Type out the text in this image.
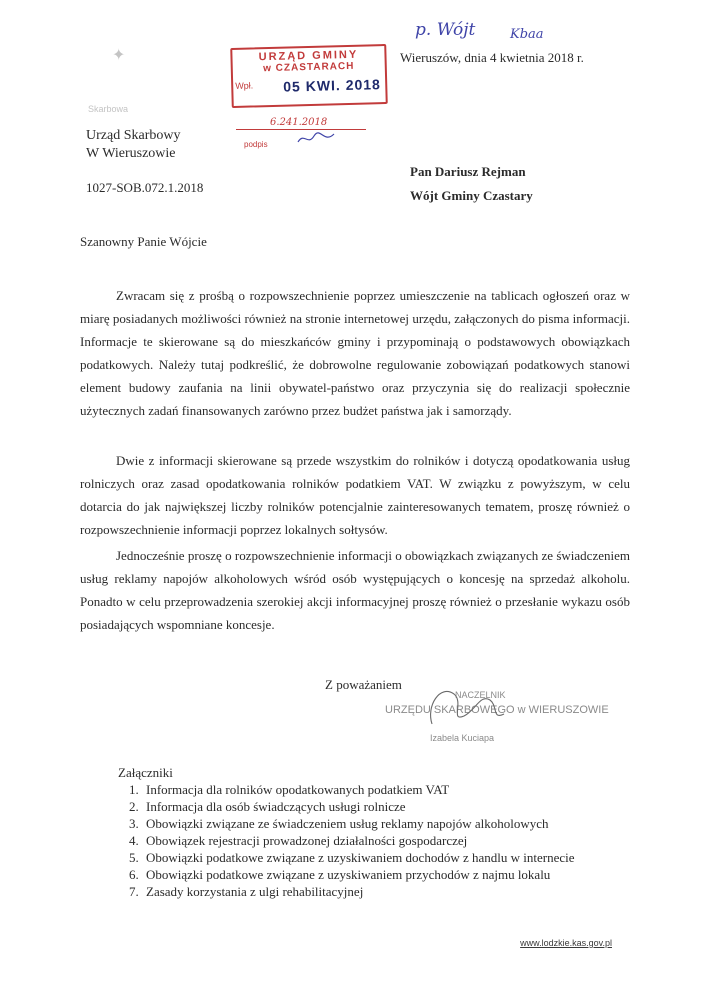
p. Wójt	Kbaa
✦	URZĄD GMINY
w CZASTARACH
Wpł. 05 KWI. 2018
6.241.2018
podpis
Wieruszów, dnia 4 kwietnia 2018 r.
Skarbowa
Urząd Skarbowy
W Wieruszowie
1027-SOB.072.1.2018
Pan Dariusz Rejman
Wójt Gminy Czastary
Szanowny Panie Wójcie

Zwracam się z prośbą o rozpowszechnienie poprzez umieszczenie na tablicach ogłoszeń oraz w miarę posiadanych możliwości również na stronie internetowej urzędu, załączonych do pisma informacji. Informacje te skierowane są do mieszkańców gminy i przypominają o podstawowych obowiązkach podatkowych. Należy tutaj podkreślić, że dobrowolne regulowanie zobowiązań podatkowych stanowi element budowy zaufania na linii obywatel-państwo oraz przyczynia się do realizacji społecznie użytecznych zadań finansowanych zarówno przez budżet państwa jak i samorządy.

Dwie z informacji skierowane są przede wszystkim do rolników i dotyczą opodatkowania usług rolniczych oraz zasad opodatkowania rolników podatkiem VAT. W związku z powyższym, w celu dotarcia do jak największej liczby rolników potencjalnie zainteresowanych tematem, proszę również o rozpowszechnienie informacji poprzez lokalnych sołtysów.

Jednocześnie proszę o rozpowszechnienie informacji o obowiązkach związanych ze świadczeniem usług reklamy napojów alkoholowych wśród osób występujących o koncesję na sprzedaż alkoholu. Ponadto w celu przeprowadzenia szerokiej akcji informacyjnej proszę również o przesłanie wykazu osób posiadających wspomniane koncesje.

Z poważaniem
NACZELNIK
URZĘDU SKARBOWEGO w WIERUSZOWIE
Izabela Kuciapa
Załączniki
1. Informacja dla rolników opodatkowanych podatkiem VAT
2. Informacja dla osób świadczących usługi rolnicze
3. Obowiązki związane ze świadczeniem usług reklamy napojów alkoholowych
4. Obowiązek rejestracji prowadzonej działalności gospodarczej
5. Obowiązki podatkowe związane z uzyskiwaniem dochodów z handlu w internecie
6. Obowiązki podatkowe związane z uzyskiwaniem przychodów z najmu lokalu
7. Zasady korzystania z ulgi rehabilitacyjnej
www.lodzkie.kas.gov.pl
